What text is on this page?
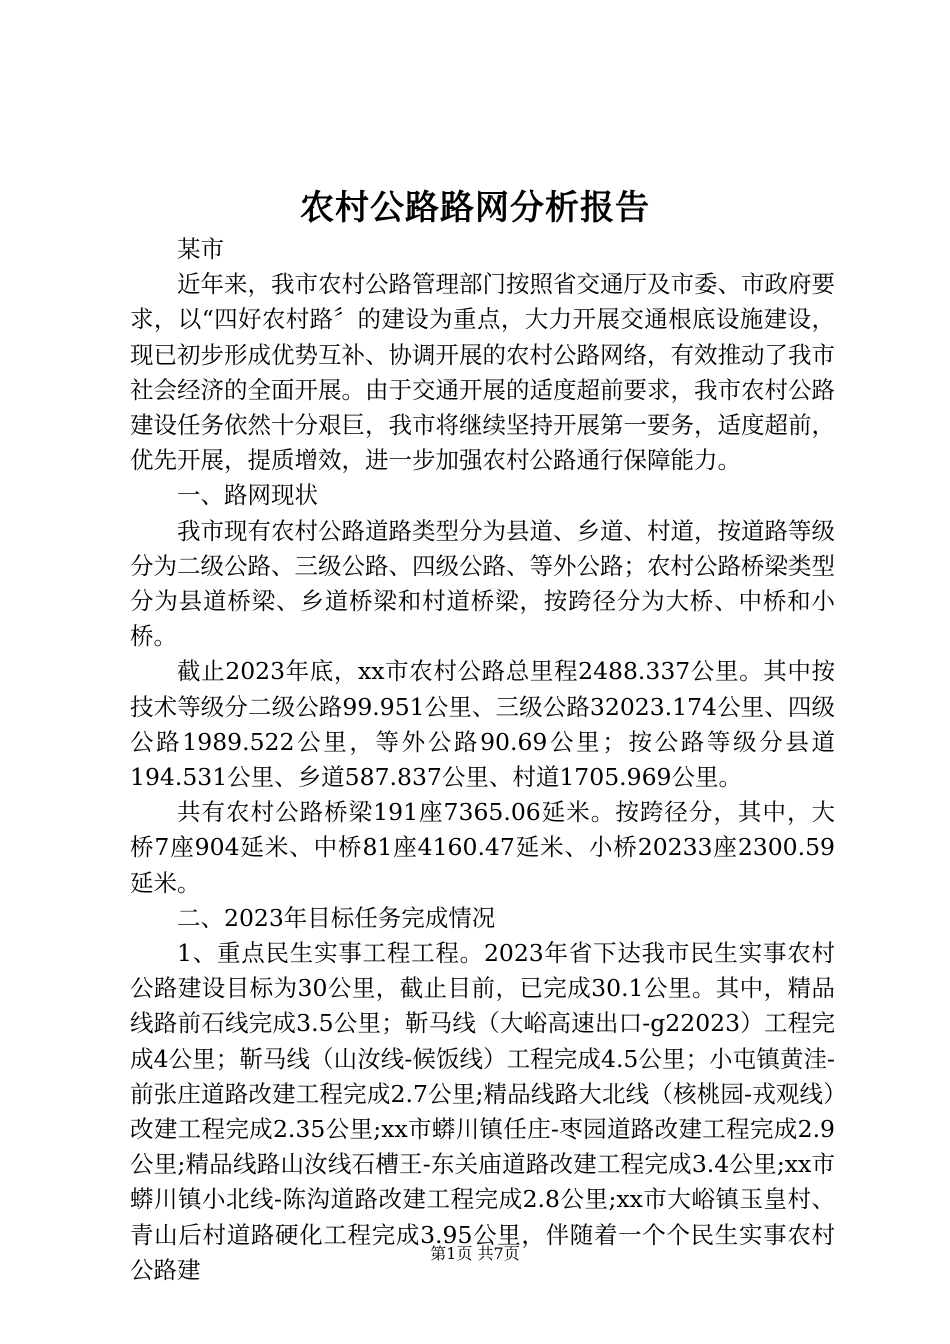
农村公路路网分析报告

某市

近年来，我市农村公路管理部门按照省交通厅及市委、市政府要求，以“四好农村路〞的建设为重点，大力开展交通根底设施建设，现已初步形成优势互补、协调开展的农村公路网络，有效推动了我市社会经济的全面开展。由于交通开展的适度超前要求，我市农村公路建设任务依然十分艰巨，我市将继续坚持开展第一要务，适度超前，优先开展，提质增效，进一步加强农村公路通行保障能力。

一、路网现状

我市现有农村公路道路类型分为县道、乡道、村道，按道路等级分为二级公路、三级公路、四级公路、等外公路；农村公路桥梁类型分为县道桥梁、乡道桥梁和村道桥梁，按跨径分为大桥、中桥和小桥。

截止2023年底，xx市农村公路总里程2488.337公里。其中按技术等级分二级公路99.951公里、三级公路32023.174公里、四级公路1989.522公里，等外公路90.69公里；按公路等级分县道194.531公里、乡道587.837公里、村道1705.969公里。

共有农村公路桥梁191座7365.06延米。按跨径分，其中，大桥7座904延米、中桥81座4160.47延米、小桥20233座2300.59延米。

二、2023年目标任务完成情况

1、重点民生实事工程工程。2023年省下达我市民生实事农村公路建设目标为30公里，截止目前，已完成30.1公里。其中，精品线路前石线完成3.5公里；靳马线（大峪高速出口-g22023）工程完成4公里；靳马线（山汝线-候饭线）工程完成4.5公里；小屯镇黄洼-前张庄道路改建工程完成2.7公里;精品线路大北线（核桃园-戎观线）改建工程完成2.35公里;xx市蟒川镇任庄-枣园道路改建工程完成2.9公里;精品线路山汝线石槽王-东关庙道路改建工程完成3.4公里;xx市蟒川镇小北线-陈沟道路改建工程完成2.8公里;xx市大峪镇玉皇村、青山后村道路硬化工程完成3.95公里，伴随着一个个民生实事农村公路建

第1页 共7页
